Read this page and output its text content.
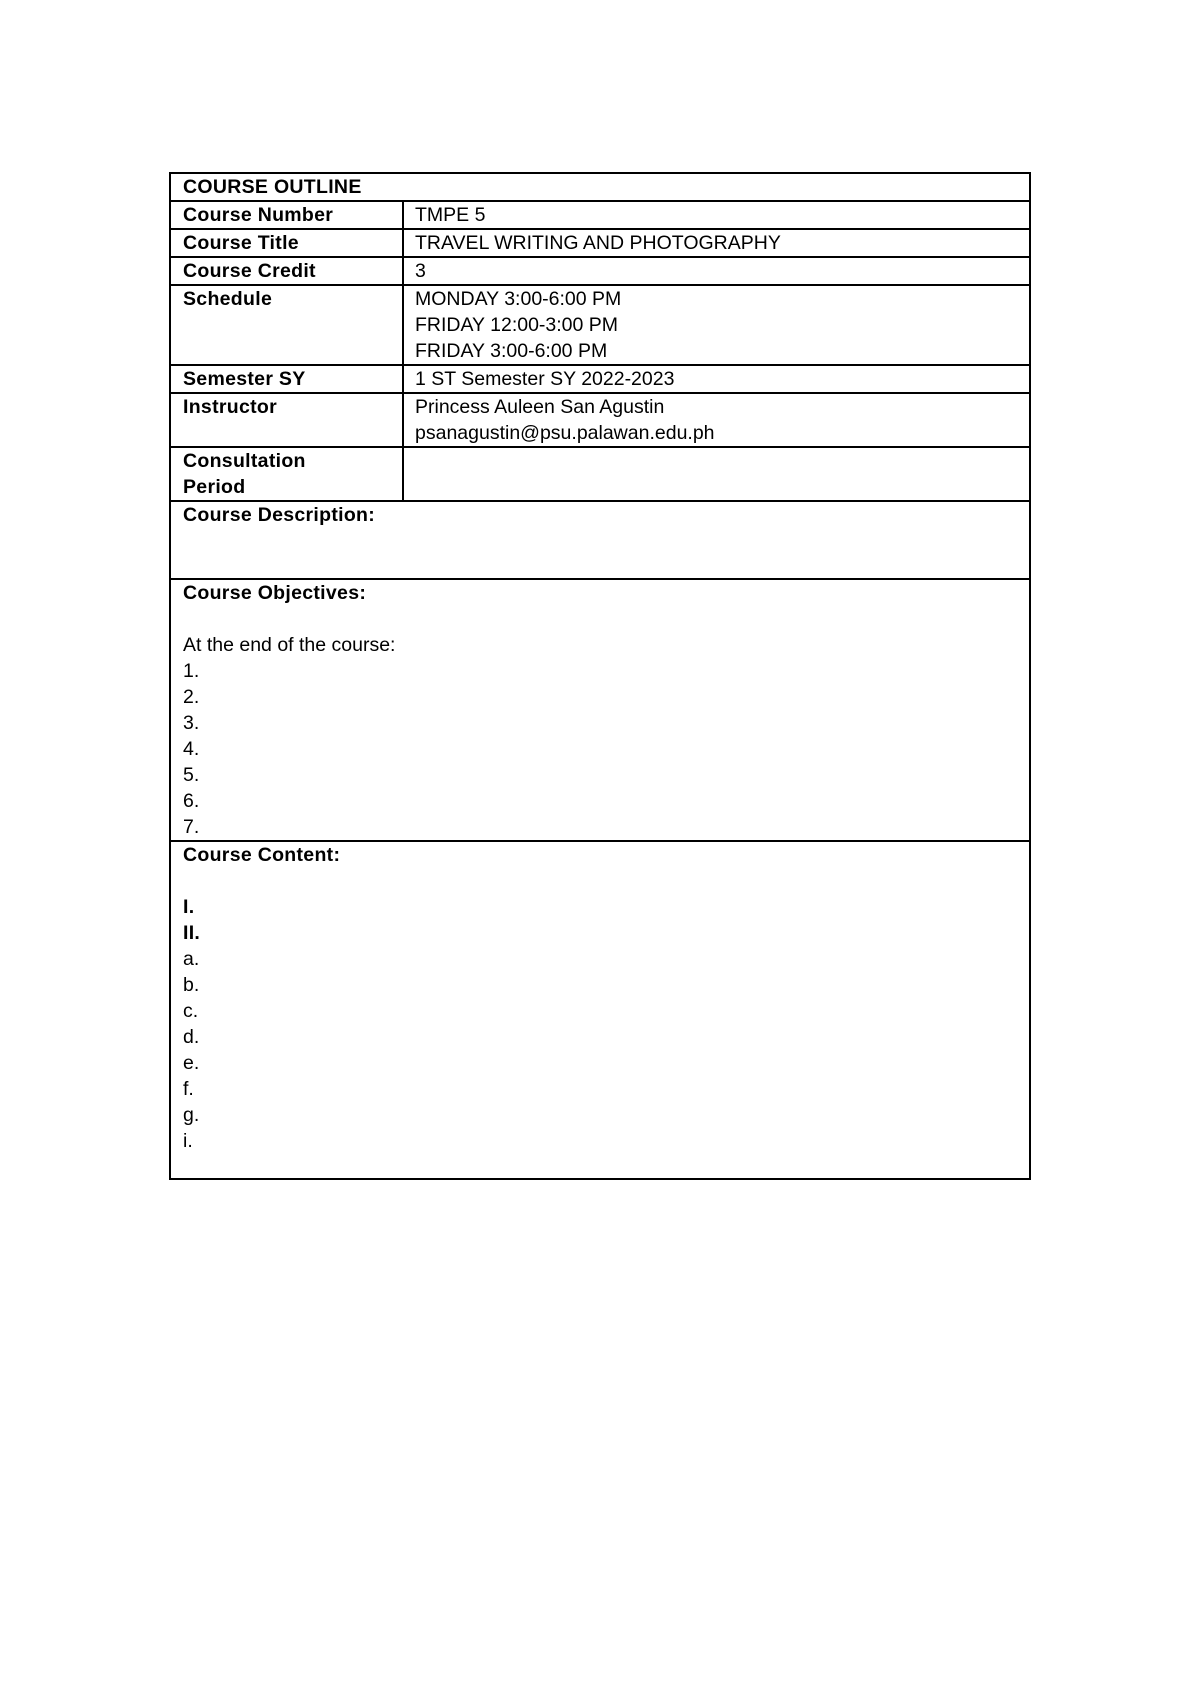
COURSE OUTLINE
Course Number	TMPE 5
Course Title	TRAVEL WRITING AND PHOTOGRAPHY
Course Credit	3
Schedule	MONDAY 3:00-6:00 PM
FRIDAY 12:00-3:00 PM
FRIDAY 3:00-6:00 PM
Semester SY	1 ST Semester SY 2022-2023
Instructor	Princess Auleen San Agustin
psanagustin@psu.palawan.edu.ph
Consultation
Period
Course Description:
Course Objectives:
At the end of the course:
1.
2.
3.
4.
5.
6.
7.
Course Content:
I.
II.
a.
b.
c.
d.
e.
f.
g.
i.
